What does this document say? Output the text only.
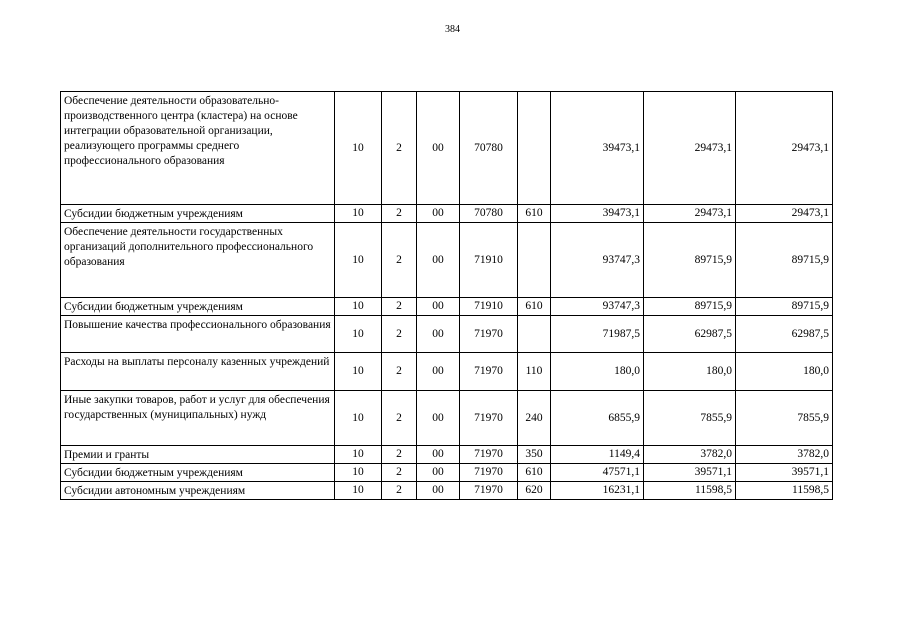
384
Обеспечение деятельности образовательно-производственного центра (кластера) на основе интеграции образовательной организации, реализующего программы среднего профессионального образования	10	2	00	70780		39473,1	29473,1	29473,1
Субсидии бюджетным учреждениям	10	2	00	70780	610	39473,1	29473,1	29473,1
Обеспечение деятельности государственных организаций дополнительного профессионального образования	10	2	00	71910		93747,3	89715,9	89715,9
Субсидии бюджетным учреждениям	10	2	00	71910	610	93747,3	89715,9	89715,9
Повышение качества профессионального образования	10	2	00	71970		71987,5	62987,5	62987,5
Расходы на выплаты персоналу казенных учреждений	10	2	00	71970	110	180,0	180,0	180,0
Иные закупки товаров, работ и услуг для обеспечения государственных (муниципальных) нужд	10	2	00	71970	240	6855,9	7855,9	7855,9
Премии и гранты	10	2	00	71970	350	1149,4	3782,0	3782,0
Субсидии бюджетным учреждениям	10	2	00	71970	610	47571,1	39571,1	39571,1
Субсидии автономным учреждениям	10	2	00	71970	620	16231,1	11598,5	11598,5
